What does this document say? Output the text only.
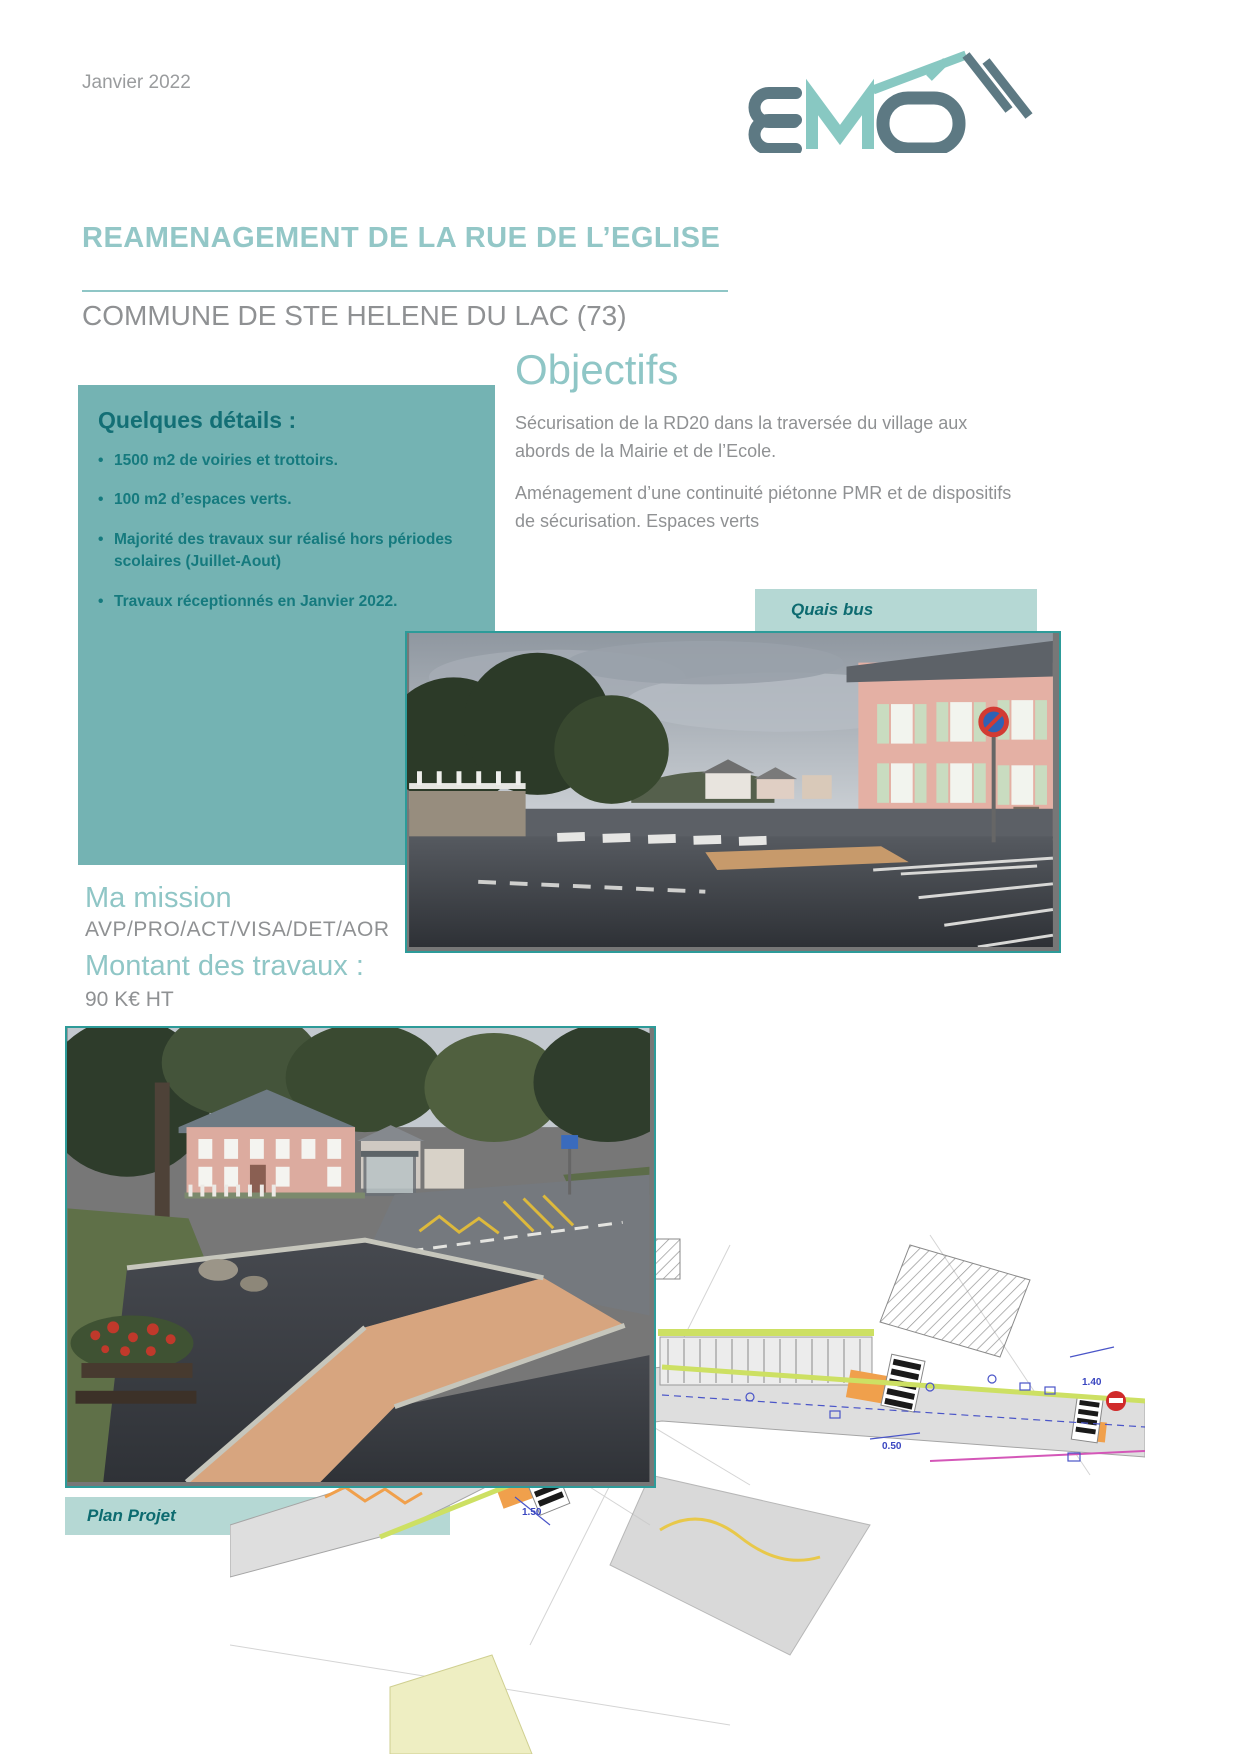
Janvier 2022
REAMENAGEMENT DE LA RUE DE L’EGLISE
COMMUNE DE STE HELENE DU LAC (73)
Quelques détails :
• 1500 m2 de voiries et trottoirs.
• 100 m2 d’espaces verts.
• Majorité des travaux sur réalisé hors périodes scolaires (Juillet-Aout)
• Travaux réceptionnés en Janvier 2022.
Objectifs
Sécurisation de la RD20 dans la traversée du village aux abords de la Mairie et de l’Ecole.
Aménagement d’une continuité piétonne PMR et de dispositifs de sécurisation. Espaces verts
Quais bus
Ma mission
AVP/PRO/ACT/VISA/DET/AOR
Montant des travaux :
90 K€ HT
Plan Projet
1.40
0.50
1.50
